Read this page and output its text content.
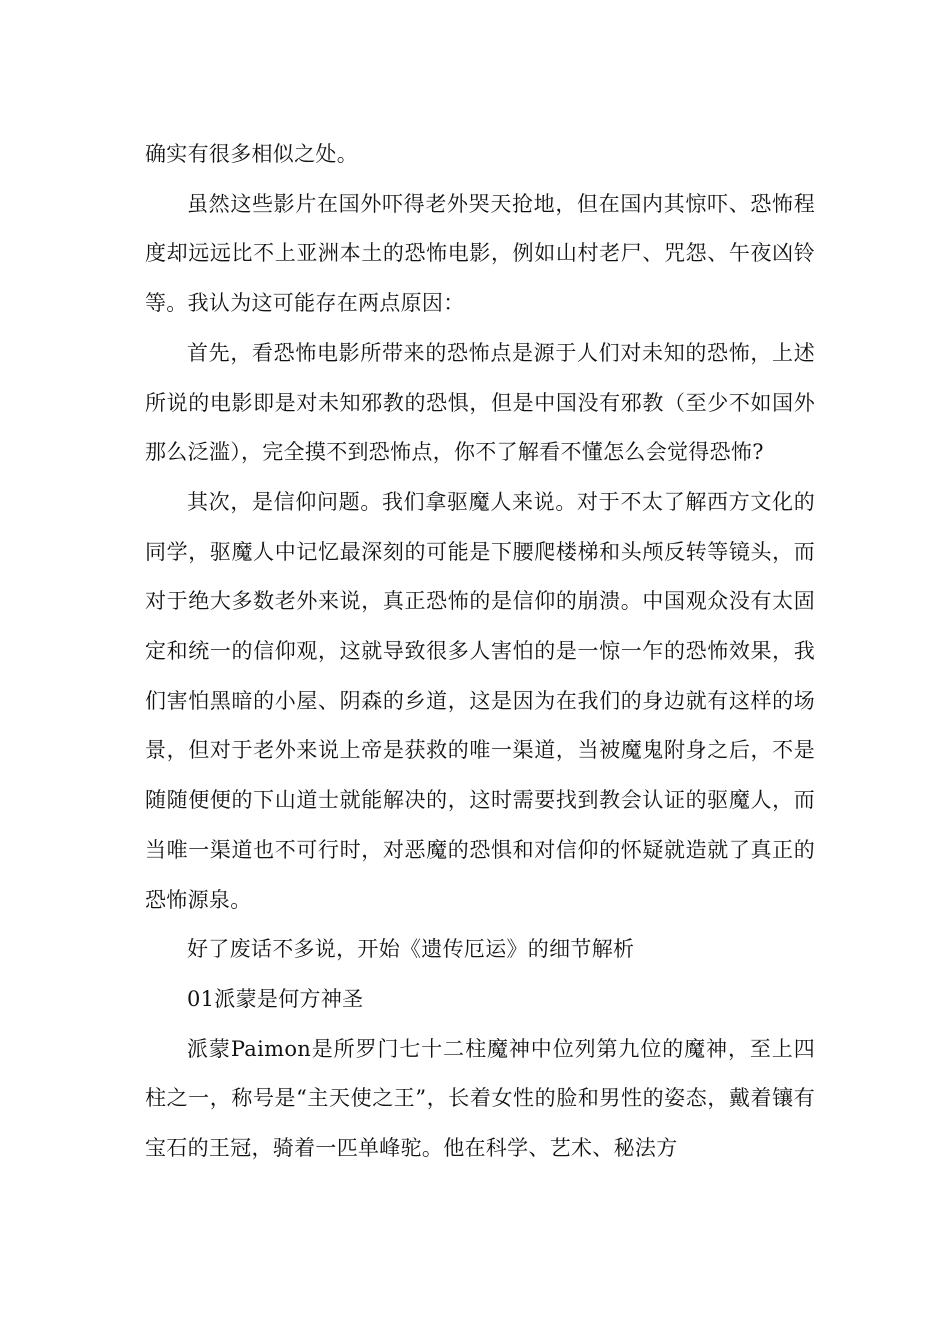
确实有很多相似之处。

虽然这些影片在国外吓得老外哭天抢地，但在国内其惊吓、恐怖程度却远远比不上亚洲本土的恐怖电影，例如山村老尸、咒怨、午夜凶铃等。我认为这可能存在两点原因：

首先，看恐怖电影所带来的恐怖点是源于人们对未知的恐怖，上述所说的电影即是对未知邪教的恐惧，但是中国没有邪教（至少不如国外那么泛滥），完全摸不到恐怖点，你不了解看不懂怎么会觉得恐怖?

其次，是信仰问题。我们拿驱魔人来说。对于不太了解西方文化的同学，驱魔人中记忆最深刻的可能是下腰爬楼梯和头颅反转等镜头，而对于绝大多数老外来说，真正恐怖的是信仰的崩溃。中国观众没有太固定和统一的信仰观，这就导致很多人害怕的是一惊一乍的恐怖效果，我们害怕黑暗的小屋、阴森的乡道，这是因为在我们的身边就有这样的场景，但对于老外来说上帝是获救的唯一渠道，当被魔鬼附身之后，不是随随便便的下山道士就能解决的，这时需要找到教会认证的驱魔人，而当唯一渠道也不可行时，对恶魔的恐惧和对信仰的怀疑就造就了真正的恐怖源泉。

好了废话不多说，开始《遗传厄运》的细节解析

01派蒙是何方神圣

派蒙Paimon是所罗门七十二柱魔神中位列第九位的魔神，至上四柱之一，称号是“主天使之王”，长着女性的脸和男性的姿态，戴着镶有宝石的王冠，骑着一匹单峰驼。他在科学、艺术、秘法方
